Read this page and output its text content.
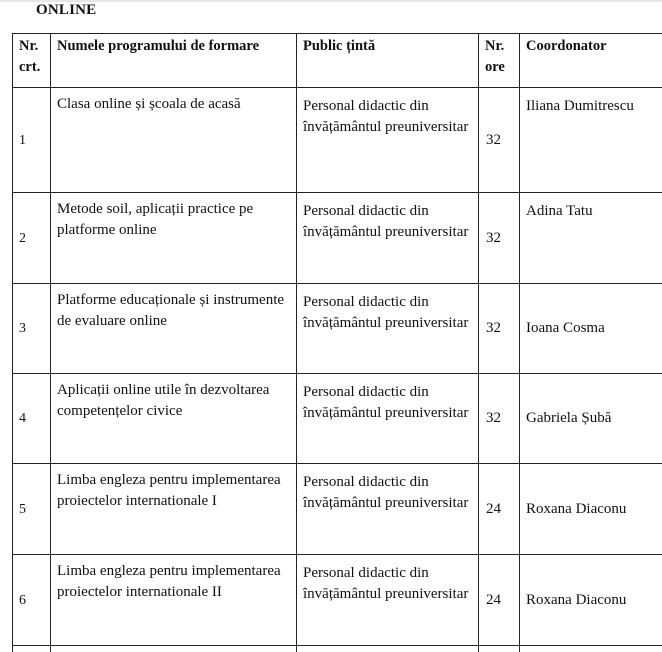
ONLINE
Nr. crt.	Numele programului de formare	Public țintă	Nr. ore	Coordonator
1	Clasa online și școala de acasă	Personal didactic din învățământul preuniversitar	32	Iliana Dumitrescu
2	Metode soil, aplicații practice pe platforme online	Personal didactic din învățământul preuniversitar	32	Adina Tatu
3	Platforme educaționale și instrumente de evaluare online	Personal didactic din învățământul preuniversitar	32	Ioana Cosma
4	Aplicații online utile în dezvoltarea competențelor civice	Personal didactic din învățământul preuniversitar	32	Gabriela Șubă
5	Limba engleza pentru implementarea proiectelor internationale I	Personal didactic din învățământul preuniversitar	24	Roxana Diaconu
6	Limba engleza pentru implementarea proiectelor internationale II	Personal didactic din învățământul preuniversitar	24	Roxana Diaconu
